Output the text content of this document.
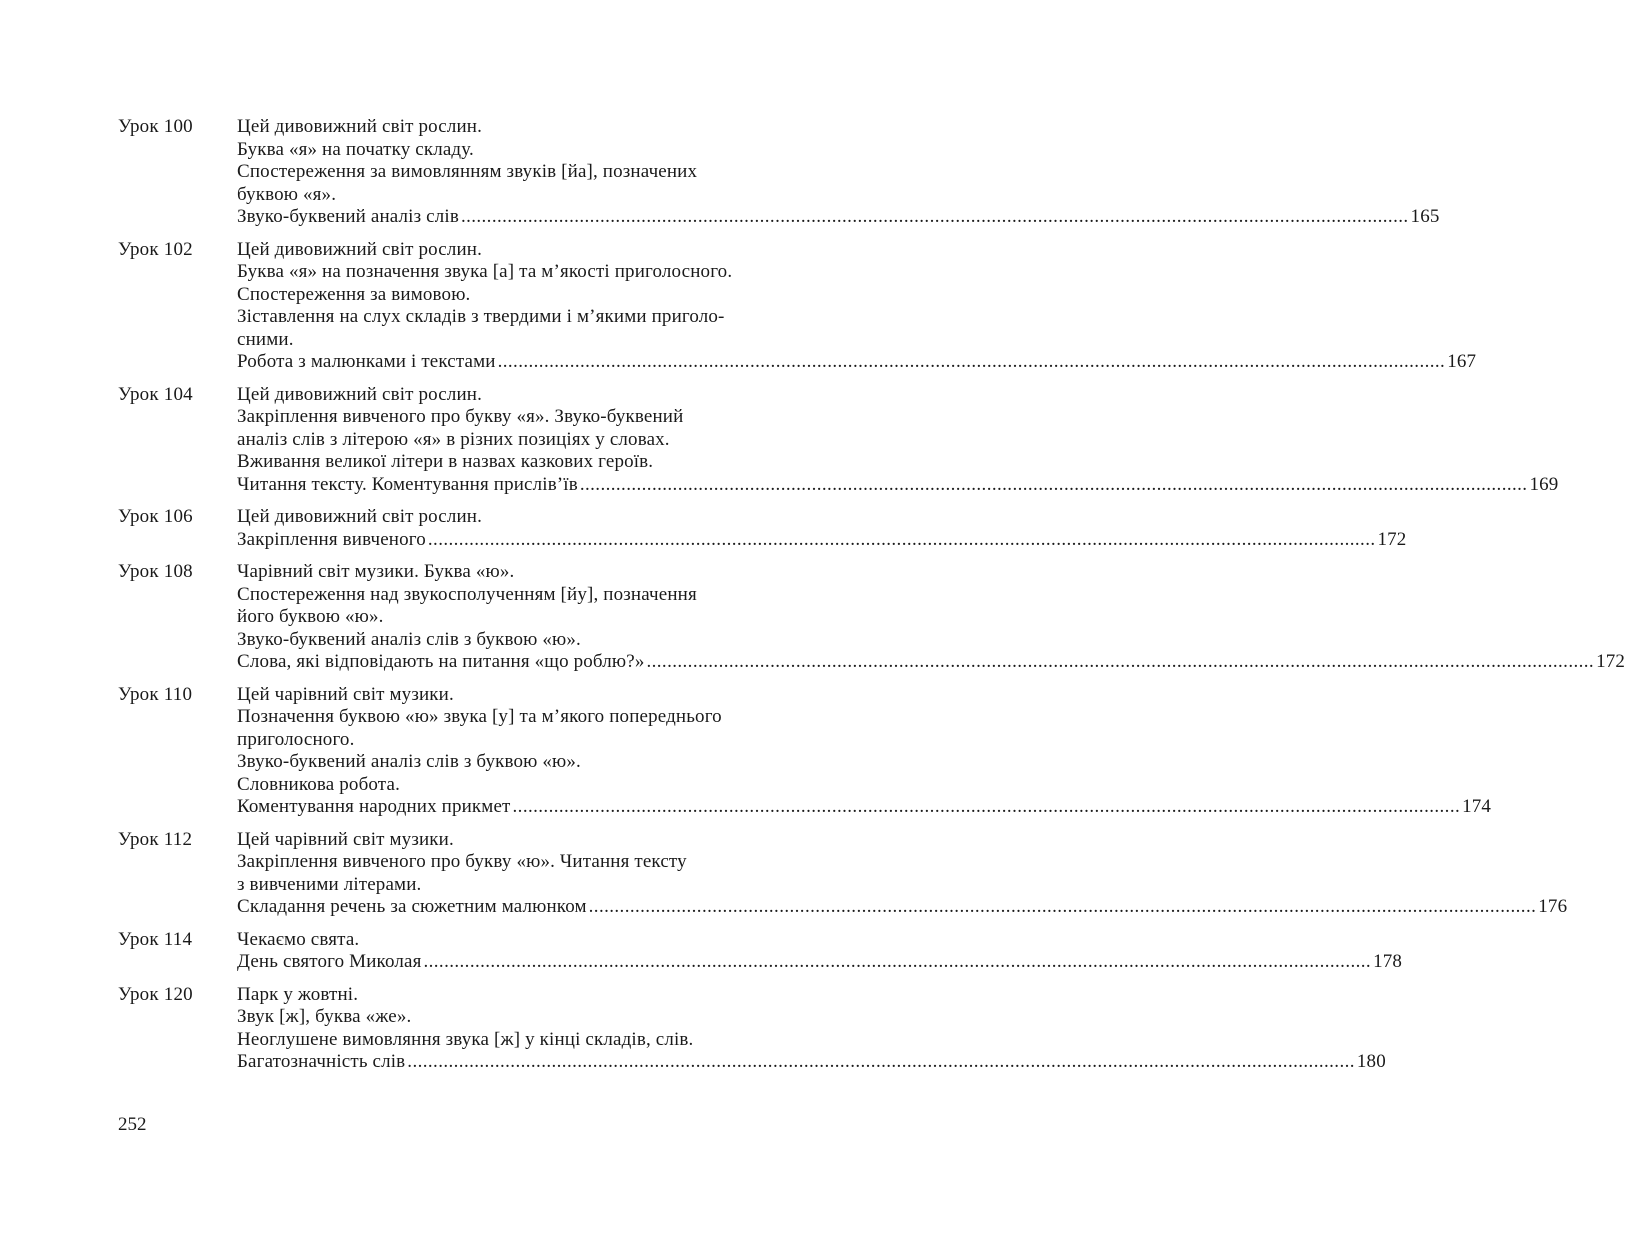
Урок 100	Цей дивовижний світ рослин.
Буква «я» на початку складу.
Спостереження за вимовлянням звуків [йа], позначених
буквою «я».
Звуко-буквений аналіз слів .....	165
Урок 102	Цей дивовижний світ рослин.
Буква «я» на позначення звука [а] та м’якості приголосного.
Спостереження за вимовою.
Зіставлення на слух складів з твердими і м’якими приголо-
сними.
Робота з малюнками і текстами .....	167
Урок 104	Цей дивовижний світ рослин.
Закріплення вивченого про букву «я». Звуко-буквений
аналіз слів з літерою «я» в різних позиціях у словах.
Вживання великої літери в назвах казкових героїв.
Читання тексту. Коментування прислів’їв .....	169
Урок 106	Цей дивовижний світ рослин.
Закріплення вивченого .....	172
Урок 108	Чарівний світ музики. Буква «ю».
Спостереження над звукосполученням [йу], позначення
його буквою «ю».
Звуко-буквений аналіз слів з буквою «ю».
Слова, які відповідають на питання «що роблю?» .....	172
Урок 110	Цей чарівний світ музики.
Позначення буквою «ю» звука [у] та м’якого попереднього
приголосного.
Звуко-буквений аналіз слів з буквою «ю».
Словникова робота.
Коментування народних прикмет .....	174
Урок 112	Цей чарівний світ музики.
Закріплення вивченого про букву «ю». Читання тексту
з вивченими літерами.
Складання речень за сюжетним малюнком .....	176
Урок 114	Чекаємо свята.
День святого Миколая .....	178
Урок 120	Парк у жовтні.
Звук [ж], буква «же».
Неоглушене вимовляння звука [ж] у кінці складів, слів.
Багатозначність слів .....	180
252
